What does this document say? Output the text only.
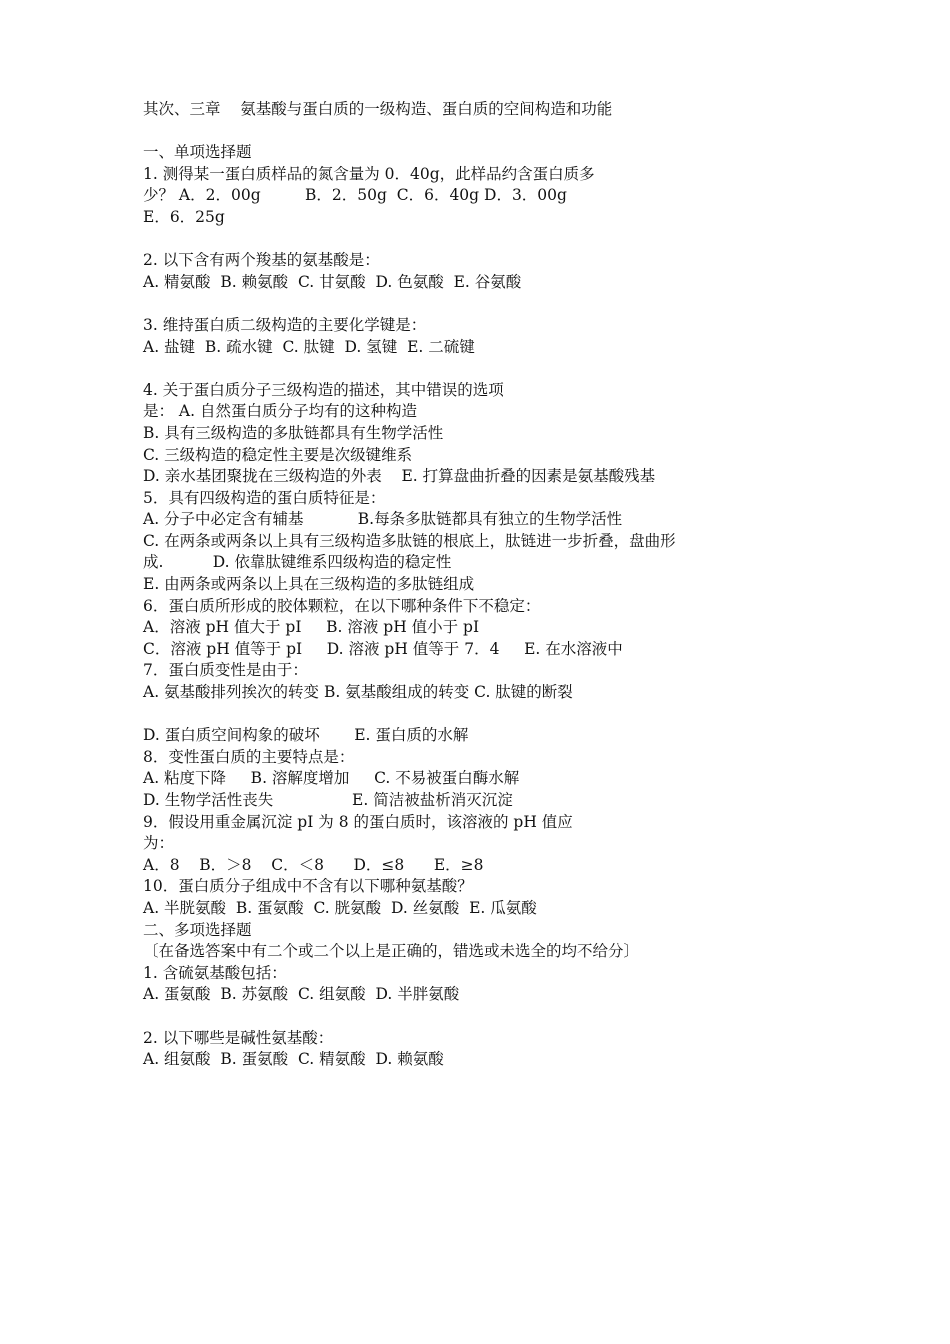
其次、三章    氨基酸与蛋白质的一级构造、蛋白质的空间构造和功能
一、单项选择题
1. 测得某一蛋白质样品的氮含量为 0．40g，此样品约含蛋白质多
少？ A．2．00g         B．2．50g  C．6．40g D．3．00g
E．6．25g
2. 以下含有两个羧基的氨基酸是：
A. 精氨酸  B. 赖氨酸  C. 甘氨酸  D. 色氨酸  E. 谷氨酸
3. 维持蛋白质二级构造的主要化学键是：
A. 盐键  B. 疏水键  C. 肽键  D. 氢键  E. 二硫键
4. 关于蛋白质分子三级构造的描述，其中错误的选项
是： A. 自然蛋白质分子均有的这种构造
B. 具有三级构造的多肽链都具有生物学活性
C. 三级构造的稳定性主要是次级键维系
D. 亲水基团聚拢在三级构造的外表    E. 打算盘曲折叠的因素是氨基酸残基
5．具有四级构造的蛋白质特征是：
A. 分子中必定含有辅基           B.每条多肽链都具有独立的生物学活性
C. 在两条或两条以上具有三级构造多肽链的根底上，肽链进一步折叠，盘曲形
成.          D. 依靠肽键维系四级构造的稳定性
E. 由两条或两条以上具在三级构造的多肽链组成
6．蛋白质所形成的胶体颗粒，在以下哪种条件下不稳定：
A．溶液 pH 值大于 pI     B. 溶液 pH 值小于 pI
C．溶液 pH 值等于 pI     D. 溶液 pH 值等于 7．4     E. 在水溶液中
7．蛋白质变性是由于：
A. 氨基酸排列挨次的转变 B. 氨基酸组成的转变 C. 肽键的断裂
D. 蛋白质空间构象的破坏       E. 蛋白质的水解
8．变性蛋白质的主要特点是：
A. 粘度下降     B. 溶解度增加     C. 不易被蛋白酶水解
D. 生物学活性丧失                E. 简洁被盐析消灭沉淀
9．假设用重金属沉淀 pI 为 8 的蛋白质时，该溶液的 pH 值应
为：
A．8    B．＞8    C．＜8      D．≤8      E．≥8
10．蛋白质分子组成中不含有以下哪种氨基酸？
A. 半胱氨酸  B. 蛋氨酸  C. 胱氨酸  D. 丝氨酸  E. 瓜氨酸
二、多项选择题
〔在备选答案中有二个或二个以上是正确的，错选或未选全的均不给分〕
1. 含硫氨基酸包括：
A. 蛋氨酸  B. 苏氨酸  C. 组氨酸  D. 半胖氨酸
2. 以下哪些是碱性氨基酸：
A. 组氨酸  B. 蛋氨酸  C. 精氨酸  D. 赖氨酸
